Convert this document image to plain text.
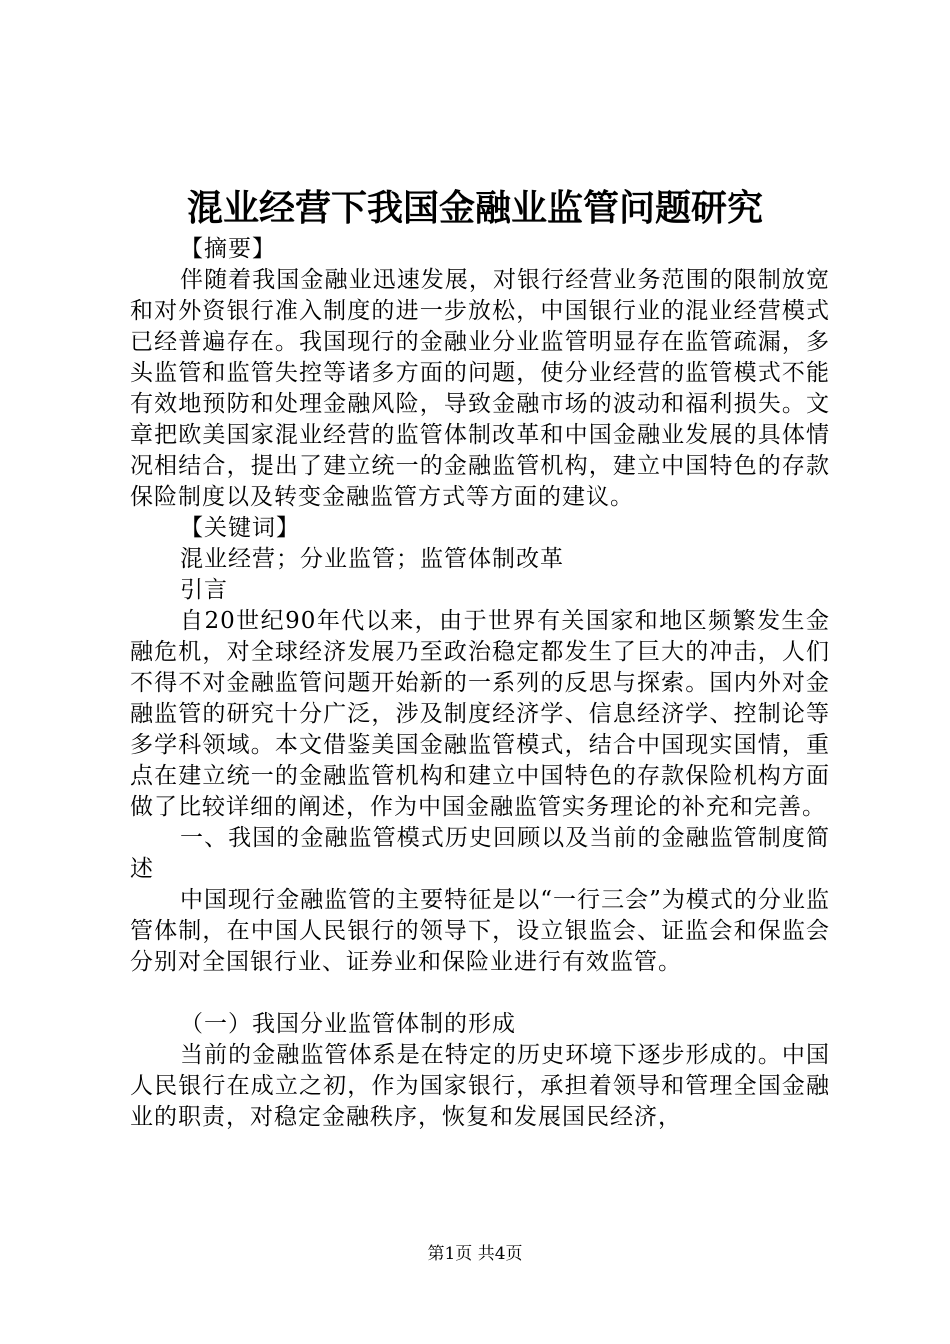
混业经营下我国金融业监管问题研究

【摘要】

伴随着我国金融业迅速发展，对银行经营业务范围的限制放宽和对外资银行准入制度的进一步放松，中国银行业的混业经营模式已经普遍存在。我国现行的金融业分业监管明显存在监管疏漏，多头监管和监管失控等诸多方面的问题，使分业经营的监管模式不能有效地预防和处理金融风险，导致金融市场的波动和福利损失。文章把欧美国家混业经营的监管体制改革和中国金融业发展的具体情况相结合，提出了建立统一的金融监管机构，建立中国特色的存款保险制度以及转变金融监管方式等方面的建议。

【关键词】

混业经营；分业监管；监管体制改革

引言

自20世纪90年代以来，由于世界有关国家和地区频繁发生金融危机，对全球经济发展乃至政治稳定都发生了巨大的冲击，人们不得不对金融监管问题开始新的一系列的反思与探索。国内外对金融监管的研究十分广泛，涉及制度经济学、信息经济学、控制论等多学科领域。本文借鉴美国金融监管模式，结合中国现实国情，重点在建立统一的金融监管机构和建立中国特色的存款保险机构方面做了比较详细的阐述，作为中国金融监管实务理论的补充和完善。

一、我国的金融监管模式历史回顾以及当前的金融监管制度简述

中国现行金融监管的主要特征是以“一行三会”为模式的分业监管体制，在中国人民银行的领导下，设立银监会、证监会和保监会分别对全国银行业、证券业和保险业进行有效监管。

（一）我国分业监管体制的形成

当前的金融监管体系是在特定的历史环境下逐步形成的。中国人民银行在成立之初，作为国家银行，承担着领导和管理全国金融业的职责，对稳定金融秩序，恢复和发展国民经济，

第1页 共4页
